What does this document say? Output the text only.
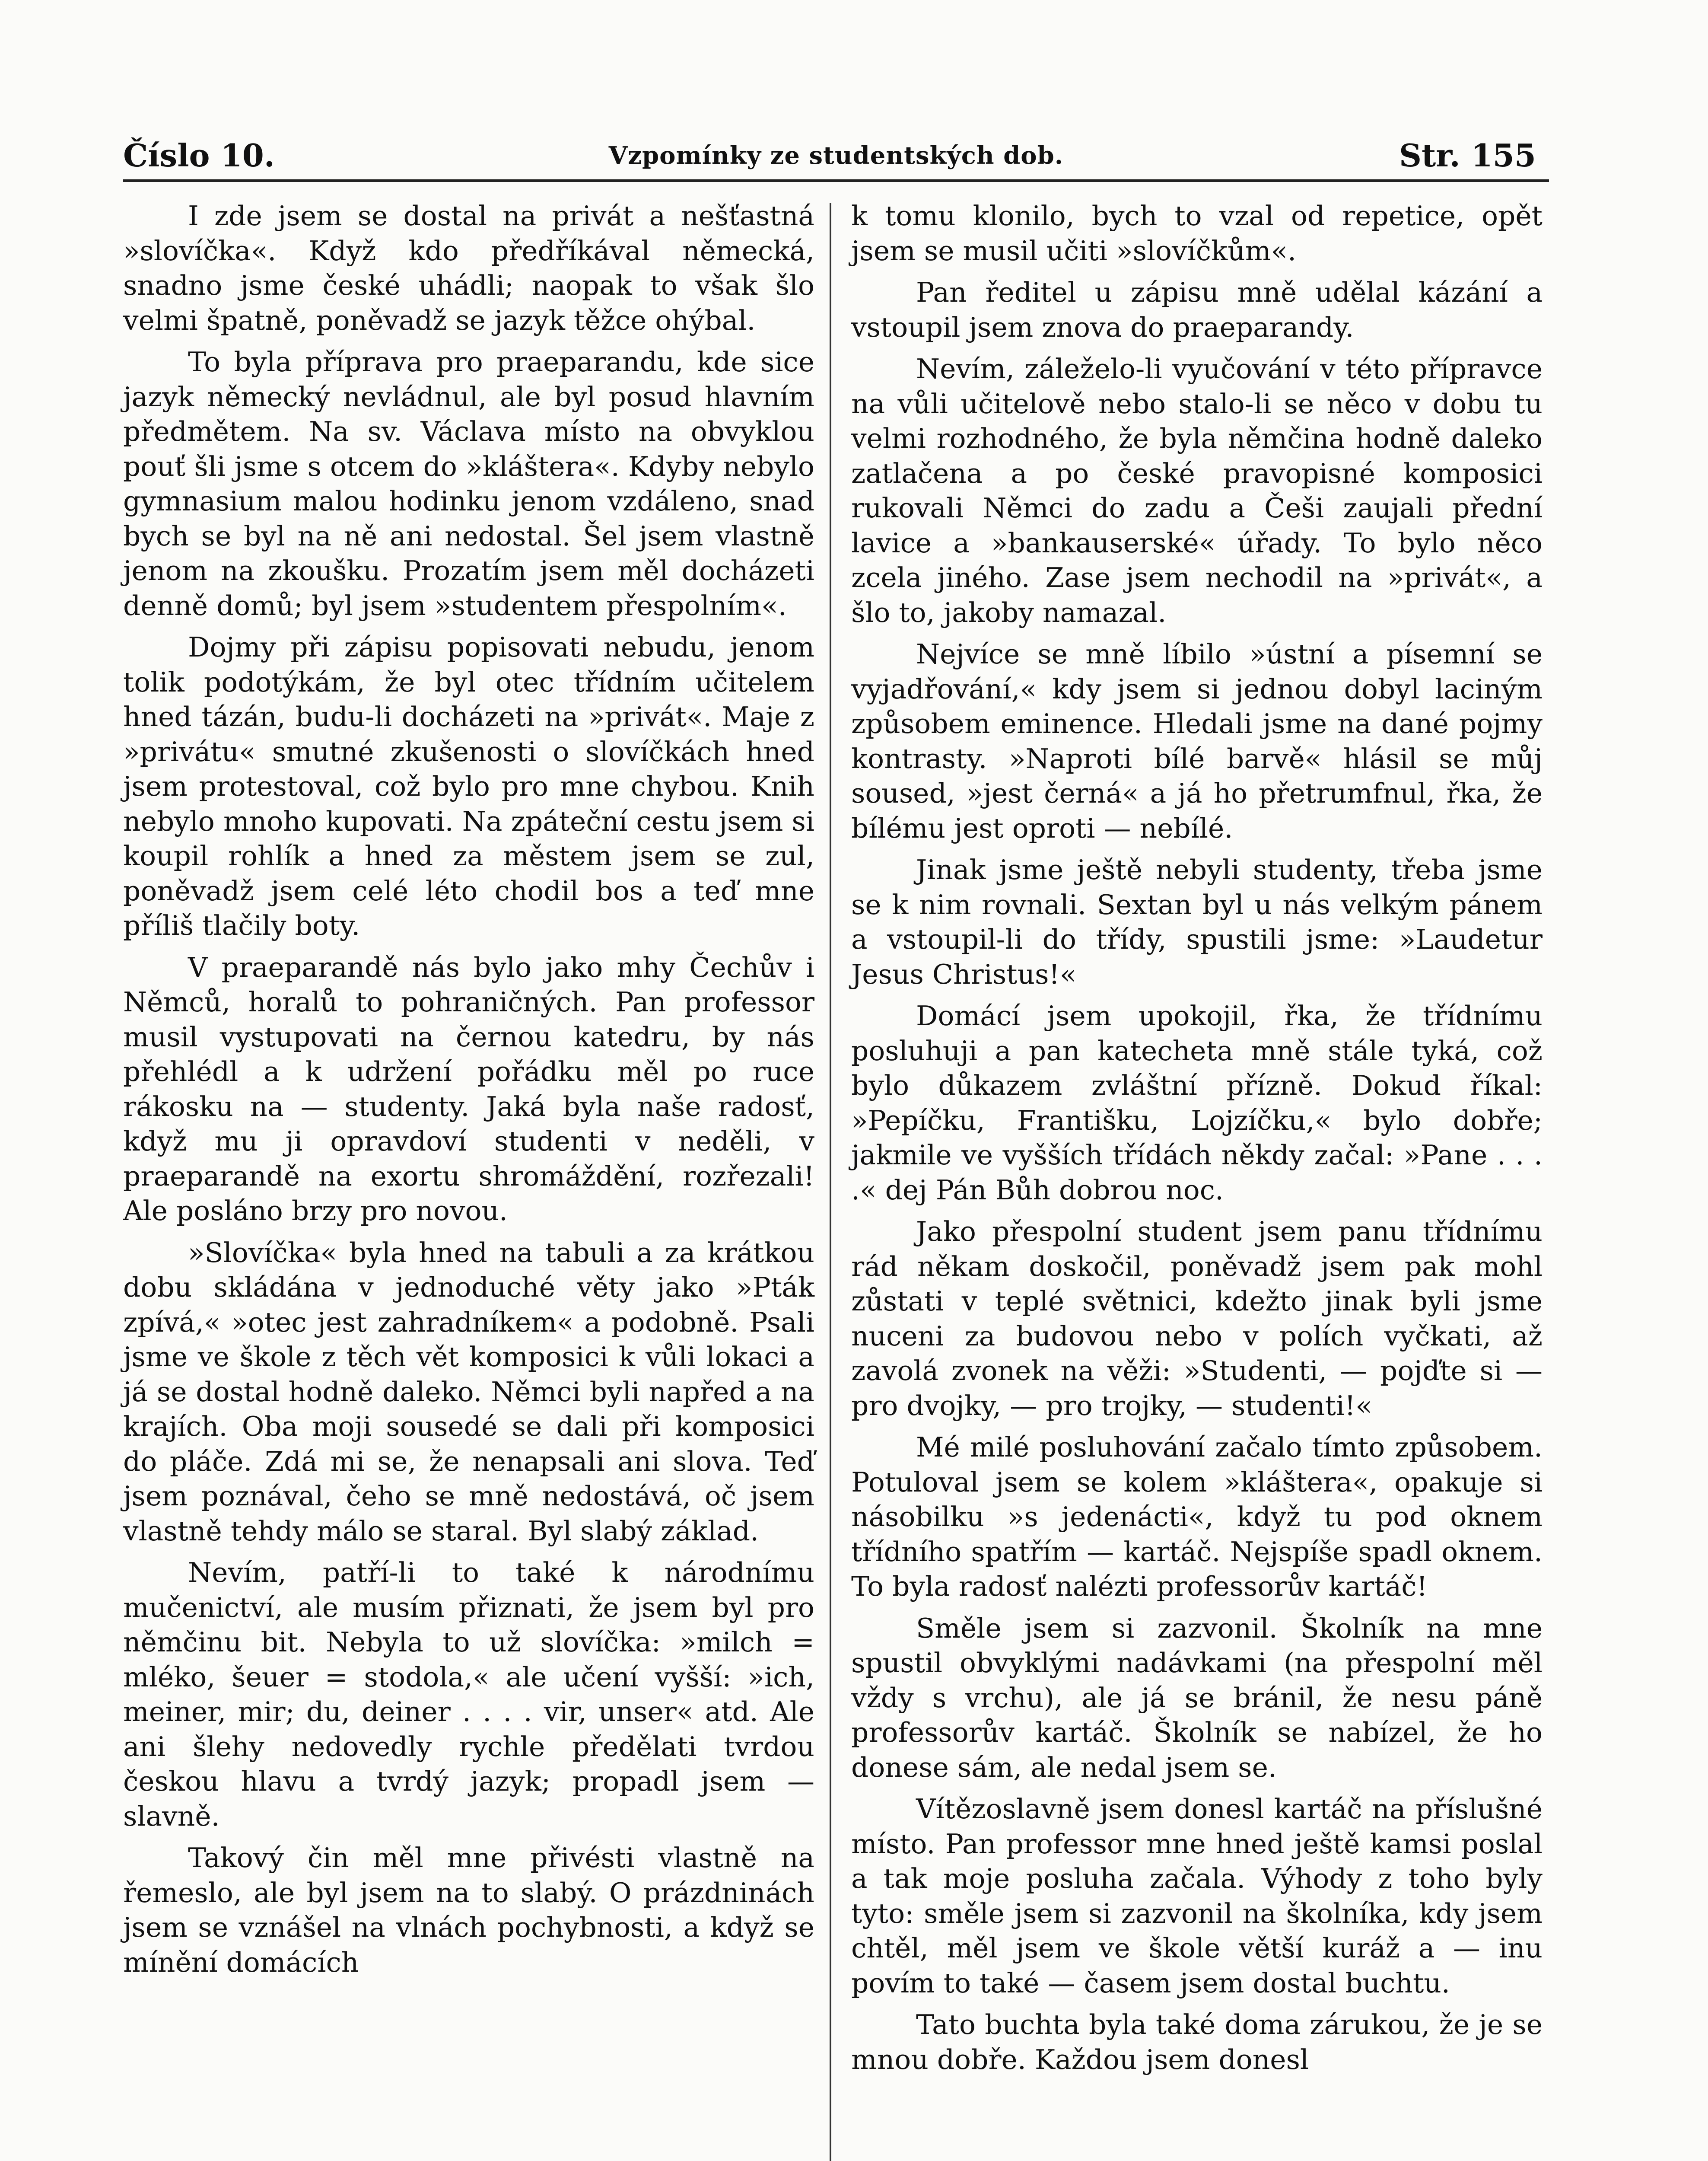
Číslo 10.	Vzpomínky ze studentských dob.	Str. 155

I zde jsem se dostal na privát a nešťastná »slovíčka«. Když kdo předříkával německá, snadno jsme české uhádli; naopak to však šlo velmi špatně, poněvadž se jazyk těžce ohýbal.

To byla příprava pro praeparandu, kde sice jazyk německý nevládnul, ale byl posud hlavním předmětem. Na sv. Václava místo na obvyklou pouť šli jsme s otcem do »kláštera«. Kdyby nebylo gymnasium malou hodinku jenom vzdáleno, snad bych se byl na ně ani nedostal. Šel jsem vlastně jenom na zkoušku. Prozatím jsem měl docházeti denně domů; byl jsem »studentem přespolním«.

Dojmy při zápisu popisovati nebudu, jenom tolik podotýkám, že byl otec třídním učitelem hned tázán, budu-li docházeti na »privát«. Maje z »privátu« smutné zkušenosti o slovíčkách hned jsem protestoval, což bylo pro mne chybou. Knih nebylo mnoho kupovati. Na zpáteční cestu jsem si koupil rohlík a hned za městem jsem se zul, poněvadž jsem celé léto chodil bos a teď mne příliš tlačily boty.

V praeparandě nás bylo jako mhy Čechův i Němců, horalů to pohraničných. Pan professor musil vystupovati na černou katedru, by nás přehlédl a k udržení pořádku měl po ruce rákosku na — studenty. Jaká byla naše radosť, když mu ji opravdoví studenti v neděli, v praeparandě na exortu shromáždění, rozřezali! Ale posláno brzy pro novou.

»Slovíčka« byla hned na tabuli a za krátkou dobu skládána v jednoduché věty jako »Pták zpívá,« »otec jest zahradníkem« a podobně. Psali jsme ve škole z těch vět komposici k vůli lokaci a já se dostal hodně daleko. Němci byli napřed a na krajích. Oba moji sousedé se dali při komposici do pláče. Zdá mi se, že nenapsali ani slova. Teď jsem poznával, čeho se mně nedostává, oč jsem vlastně tehdy málo se staral. Byl slabý základ.

Nevím, patří-li to také k národnímu mučenictví, ale musím přiznati, že jsem byl pro němčinu bit. Nebyla to už slovíčka: »milch = mléko, šeuer = stodola,« ale učení vyšší: »ich, meiner, mir; du, deiner . . . . vir, unser« atd. Ale ani šlehy nedovedly rychle předělati tvrdou českou hlavu a tvrdý jazyk; propadl jsem — slavně.

Takový čin měl mne přivésti vlastně na řemeslo, ale byl jsem na to slabý. O prázdninách jsem se vznášel na vlnách pochybnosti, a když se mínění domácích

k tomu klonilo, bych to vzal od repetice, opět jsem se musil učiti »slovíčkům«.

Pan ředitel u zápisu mně udělal kázání a vstoupil jsem znova do praeparandy.

Nevím, záleželo-li vyučování v této přípravce na vůli učitelově nebo stalo-li se něco v dobu tu velmi rozhodného, že byla němčina hodně daleko zatlačena a po české pravopisné komposici rukovali Němci do zadu a Češi zaujali přední lavice a »bankauserské« úřady. To bylo něco zcela jiného. Zase jsem nechodil na »privát«, a šlo to, jakoby namazal.

Nejvíce se mně líbilo »ústní a písemní se vyjadřování,« kdy jsem si jednou dobyl laciným způsobem eminence. Hledali jsme na dané pojmy kontrasty. »Naproti bílé barvě« hlásil se můj soused, »jest černá« a já ho přetrumfnul, řka, že bílému jest oproti — nebílé.

Jinak jsme ještě nebyli studenty, třeba jsme se k nim rovnali. Sextan byl u nás velkým pánem a vstoupil-li do třídy, spustili jsme: »Laudetur Jesus Christus!«

Domácí jsem upokojil, řka, že třídnímu posluhuji a pan katecheta mně stále tyká, což bylo důkazem zvláštní přízně. Dokud říkal: »Pepíčku, Františku, Lojzíčku,« bylo dobře; jakmile ve vyšších třídách někdy začal: »Pane . . . .« dej Pán Bůh dobrou noc.

Jako přespolní student jsem panu třídnímu rád někam doskočil, poněvadž jsem pak mohl zůstati v teplé světnici, kdežto jinak byli jsme nuceni za budovou nebo v polích vyčkati, až zavolá zvonek na věži: »Studenti, — pojďte si — pro dvojky, — pro trojky, — studenti!«

Mé milé posluhování začalo tímto způsobem. Potuloval jsem se kolem »kláštera«, opakuje si násobilku »s jedenácti«, když tu pod oknem třídního spatřím — kartáč. Nejspíše spadl oknem. To byla radosť nalézti professorův kartáč!

Směle jsem si zazvonil. Školník na mne spustil obvyklými nadávkami (na přespolní měl vždy s vrchu), ale já se bránil, že nesu páně professorův kartáč. Školník se nabízel, že ho donese sám, ale nedal jsem se.

Vítězoslavně jsem donesl kartáč na příslušné místo. Pan professor mne hned ještě kamsi poslal a tak moje posluha začala. Výhody z toho byly tyto: směle jsem si zazvonil na školníka, kdy jsem chtěl, měl jsem ve škole větší kuráž a — inu povím to také — časem jsem dostal buchtu.

Tato buchta byla také doma zárukou, že je se mnou dobře. Každou jsem donesl
